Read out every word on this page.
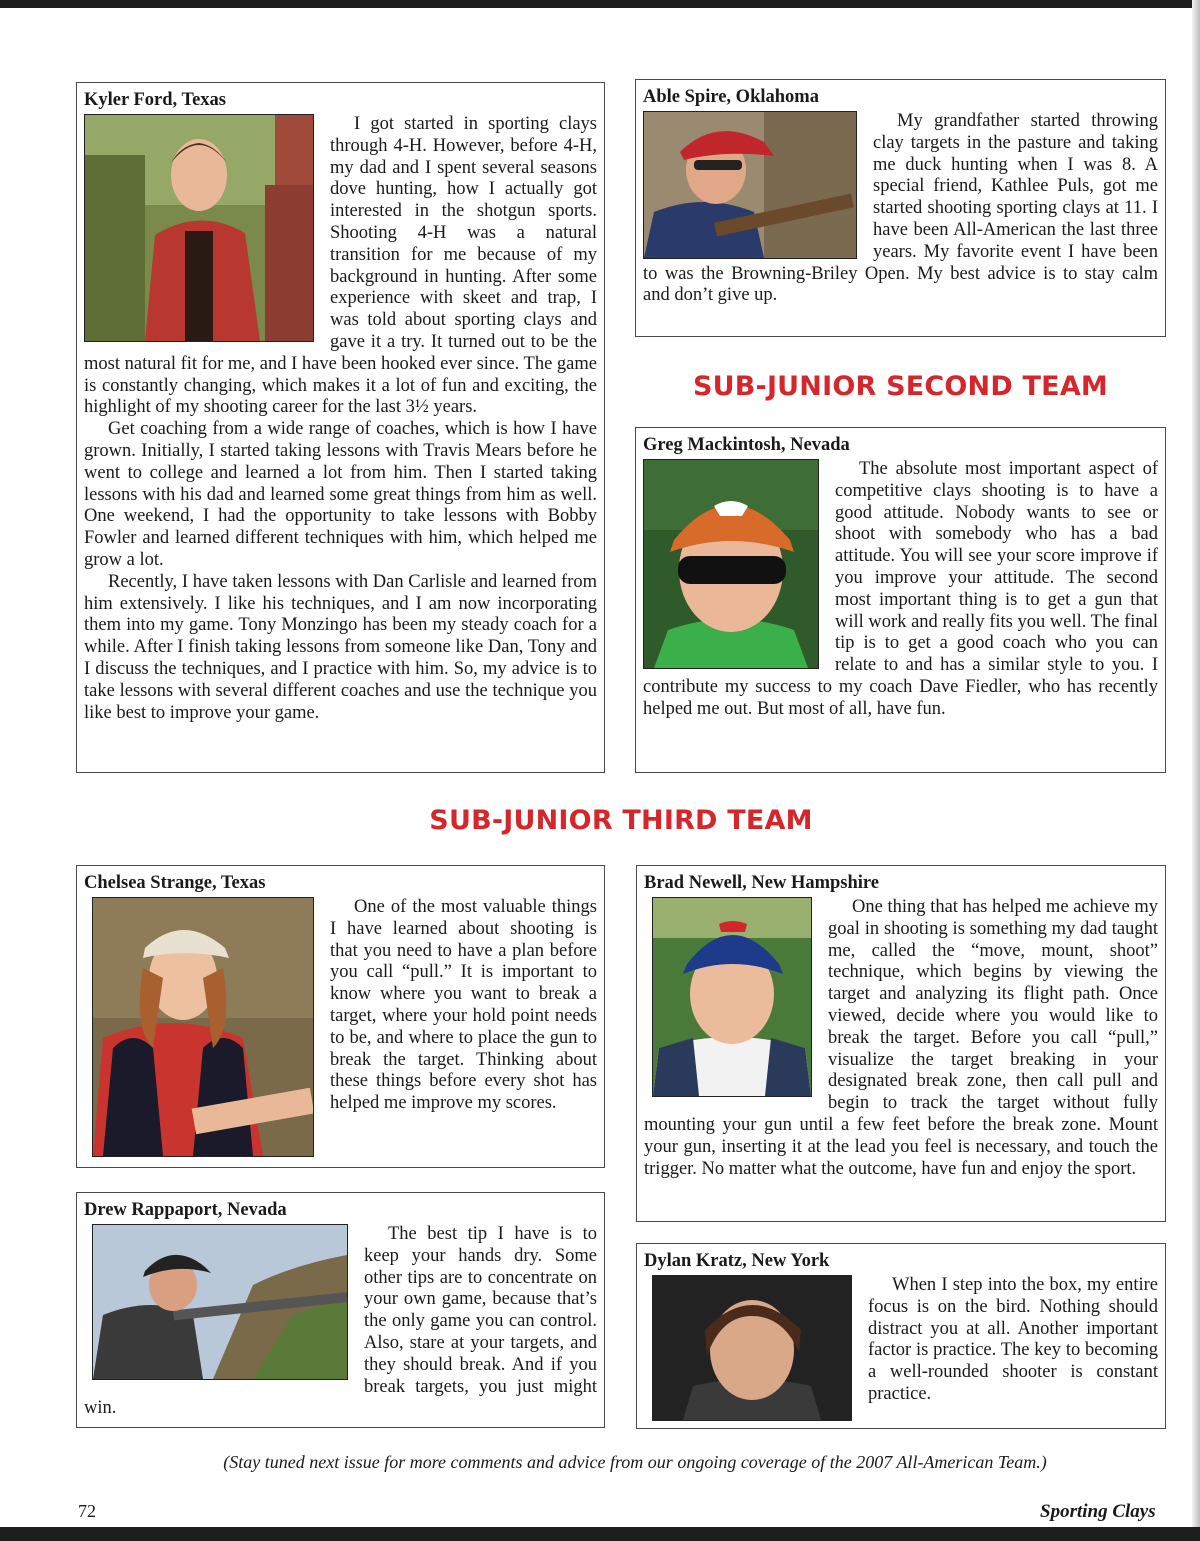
Kyler Ford, Texas

I got started in sporting clays through 4-H. However, before 4-H, my dad and I spent several seasons dove hunting, how I actually got interested in the shotgun sports. Shooting 4-H was a natural transition for me because of my background in hunting. After some experience with skeet and trap, I was told about sporting clays and gave it a try. It turned out to be the most natural fit for me, and I have been hooked ever since. The game is constantly changing, which makes it a lot of fun and exciting, the highlight of my shooting career for the last 3½ years.

Get coaching from a wide range of coaches, which is how I have grown. Initially, I started taking lessons with Travis Mears before he went to college and learned a lot from him. Then I started taking lessons with his dad and learned some great things from him as well. One weekend, I had the opportunity to take lessons with Bobby Fowler and learned different techniques with him, which helped me grow a lot.

Recently, I have taken lessons with Dan Carlisle and learned from him extensively. I like his techniques, and I am now incorporating them into my game. Tony Monzingo has been my steady coach for a while. After I finish taking lessons from someone like Dan, Tony and I discuss the techniques, and I practice with him. So, my advice is to take lessons with several different coaches and use the technique you like best to improve your game.

Able Spire, Oklahoma

My grandfather started throwing clay targets in the pasture and taking me duck hunting when I was 8. A special friend, Kathlee Puls, got me started shooting sporting clays at 11. I have been All-American the last three years. My favorite event I have been to was the Browning-Briley Open. My best advice is to stay calm and don’t give up.

SUB-JUNIOR SECOND TEAM
Greg Mackintosh, Nevada

The absolute most important aspect of competitive clays shooting is to have a good attitude. Nobody wants to see or shoot with somebody who has a bad attitude. You will see your score improve if you improve your attitude. The second most important thing is to get a gun that will work and really fits you well. The final tip is to get a good coach who you can relate to and has a similar style to you. I contribute my success to my coach Dave Fiedler, who has recently helped me out. But most of all, have fun.

SUB-JUNIOR THIRD TEAM
Chelsea Strange, Texas

One of the most valuable things I have learned about shooting is that you need to have a plan before you call “pull.” It is important to know where you want to break a target, where your hold point needs to be, and where to place the gun to break the target. Thinking about these things before every shot has helped me improve my scores.

Drew Rappaport, Nevada

The best tip I have is to keep your hands dry. Some other tips are to concentrate on your own game, because that’s the only game you can control. Also, stare at your targets, and they should break. And if you break targets, you just might win.

Brad Newell, New Hampshire

One thing that has helped me achieve my goal in shooting is something my dad taught me, called the “move, mount, shoot” technique, which begins by viewing the target and analyzing its flight path. Once viewed, decide where you would like to break the target. Before you call “pull,” visualize the target breaking in your designated break zone, then call pull and begin to track the target without fully mounting your gun until a few feet before the break zone. Mount your gun, inserting it at the lead you feel is necessary, and touch the trigger. No matter what the outcome, have fun and enjoy the sport.

Dylan Kratz, New York

When I step into the box, my entire focus is on the bird. Nothing should distract you at all. Another important factor is practice. The key to becoming a well-rounded shooter is constant practice.

(Stay tuned next issue for more comments and advice from our ongoing coverage of the 2007 All-American Team.)
72	Sporting Clays
